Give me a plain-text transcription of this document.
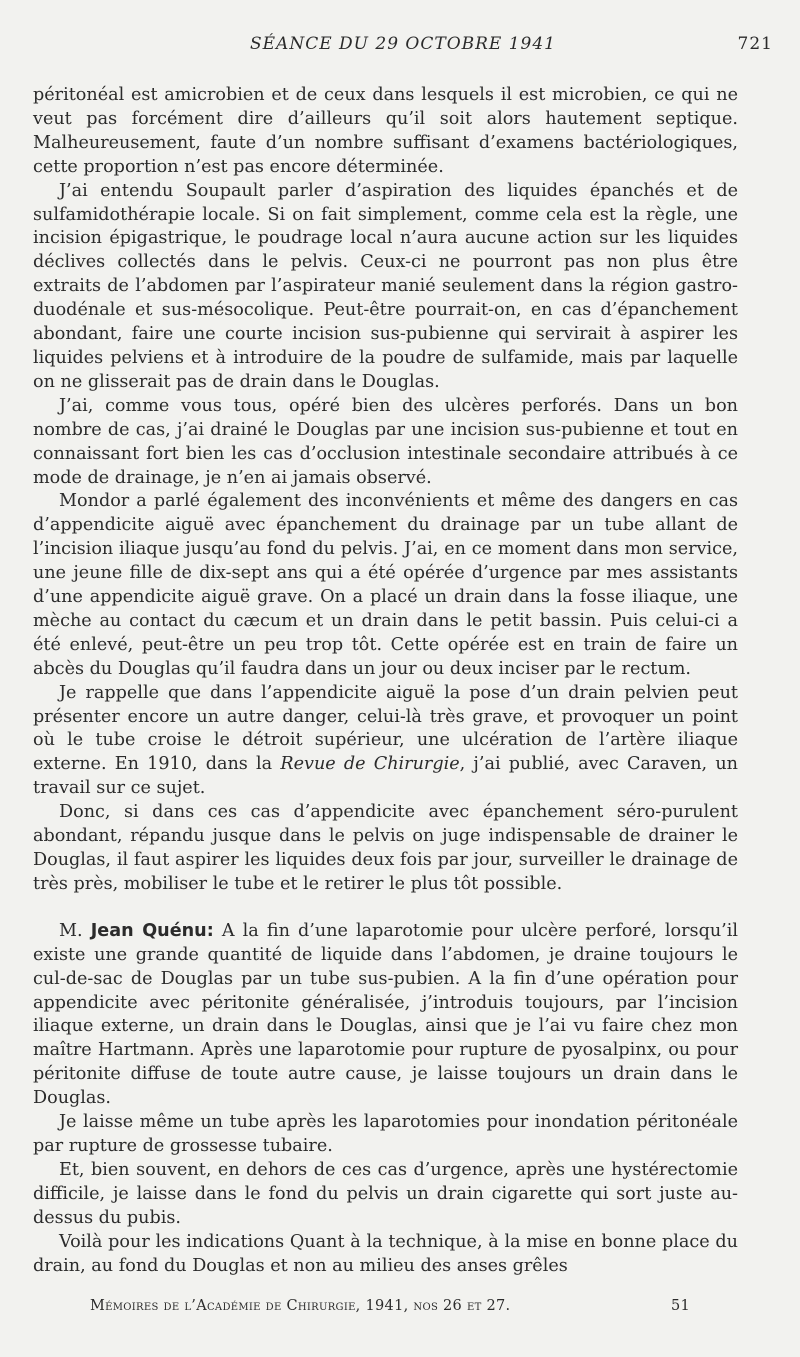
SÉANCE DU 29 OCTOBRE 1941	721

péritonéal est amicrobien et de ceux dans lesquels il est microbien, ce qui ne veut pas forcément dire d’ailleurs qu’il soit alors hautement septique. Malheureusement, faute d’un nombre suffisant d’examens bactériologiques, cette proportion n’est pas encore déterminée.

J’ai entendu Soupault parler d’aspiration des liquides épanchés et de sulfamidothérapie locale. Si on fait simplement, comme cela est la règle, une incision épigastrique, le poudrage local n’aura aucune action sur les liquides déclives collectés dans le pelvis. Ceux-ci ne pourront pas non plus être extraits de l’abdomen par l’aspirateur manié seulement dans la région gastro-duodénale et sus-mésocolique. Peut-être pourrait-on, en cas d’épanchement abondant, faire une courte incision sus-pubienne qui servirait à aspirer les liquides pelviens et à introduire de la poudre de sulfamide, mais par laquelle on ne glisserait pas de drain dans le Douglas.

J’ai, comme vous tous, opéré bien des ulcères perforés. Dans un bon nombre de cas, j’ai drainé le Douglas par une incision sus-pubienne et tout en connaissant fort bien les cas d’occlusion intestinale secondaire attribués à ce mode de drainage, je n’en ai jamais observé.

Mondor a parlé également des inconvénients et même des dangers en cas d’appendicite aiguë avec épanchement du drainage par un tube allant de l’incision iliaque jusqu’au fond du pelvis. J’ai, en ce moment dans mon service, une jeune fille de dix-sept ans qui a été opérée d’urgence par mes assistants d’une appendicite aiguë grave. On a placé un drain dans la fosse iliaque, une mèche au contact du cæcum et un drain dans le petit bassin. Puis celui-ci a été enlevé, peut-être un peu trop tôt. Cette opérée est en train de faire un abcès du Douglas qu’il faudra dans un jour ou deux inciser par le rectum.

Je rappelle que dans l’appendicite aiguë la pose d’un drain pelvien peut présenter encore un autre danger, celui-là très grave, et provoquer un point où le tube croise le détroit supérieur, une ulcération de l’artère iliaque externe. En 1910, dans la Revue de Chirurgie, j’ai publié, avec Caraven, un travail sur ce sujet.

Donc, si dans ces cas d’appendicite avec épanchement séro-purulent abondant, répandu jusque dans le pelvis on juge indispensable de drainer le Douglas, il faut aspirer les liquides deux fois par jour, surveiller le drainage de très près, mobiliser le tube et le retirer le plus tôt possible.

M. Jean Quénu: A la fin d’une laparotomie pour ulcère perforé, lorsqu’il existe une grande quantité de liquide dans l’abdomen, je draine toujours le cul-de-sac de Douglas par un tube sus-pubien. A la fin d’une opération pour appendicite avec péritonite généralisée, j’introduis toujours, par l’incision iliaque externe, un drain dans le Douglas, ainsi que je l’ai vu faire chez mon maître Hartmann. Après une laparotomie pour rupture de pyosalpinx, ou pour péritonite diffuse de toute autre cause, je laisse toujours un drain dans le Douglas.

Je laisse même un tube après les laparotomies pour inondation péritonéale par rupture de grossesse tubaire.

Et, bien souvent, en dehors de ces cas d’urgence, après une hystérectomie difficile, je laisse dans le fond du pelvis un drain cigarette qui sort juste au-dessus du pubis.

Voilà pour les indications Quant à la technique, à la mise en bonne place du drain, au fond du Douglas et non au milieu des anses grêles

Mémoires de l’Académie de Chirurgie, 1941, nos 26 et 27.	51
